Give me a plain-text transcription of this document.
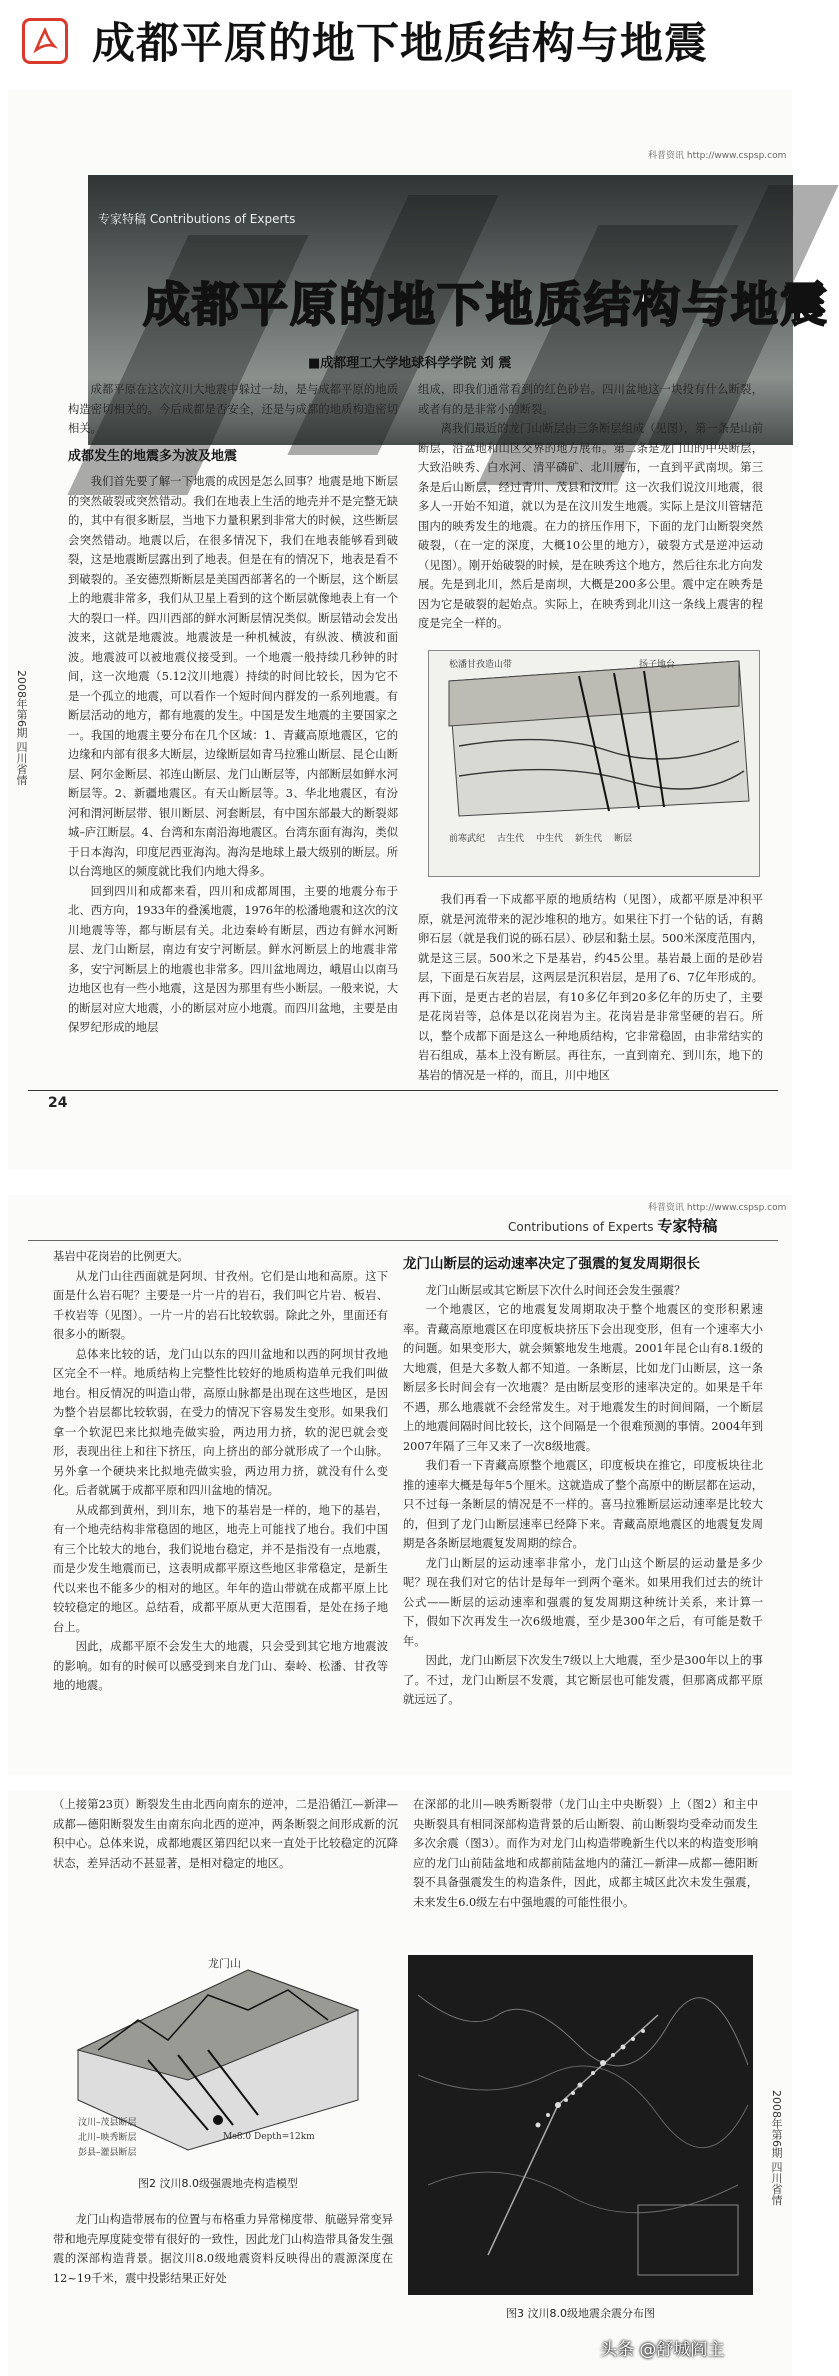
成都平原的地下地质结构与地震
科普资讯 http://www.cspsp.com
专家特稿 Contributions of Experts
成都平原的地下地质结构与地震
■成都理工大学地球科学学院 刘 震
2008年第6期 四川省情

成都平原在这次汶川大地震中躲过一劫，是与成都平原的地质构造密切相关的。今后成都是否安全，还是与成都的地质构造密切相关。

成都发生的地震多为波及地震

我们首先要了解一下地震的成因是怎么回事？地震是地下断层的突然破裂或突然错动。我们在地表上生活的地壳并不是完整无缺的，其中有很多断层，当地下力量积累到非常大的时候，这些断层会突然错动。地震以后，在很多情况下，我们在地表能够看到破裂，这是地震断层露出到了地表。但是在有的情况下，地表是看不到破裂的。圣安德烈斯断层是美国西部著名的一个断层，这个断层上的地震非常多，我们从卫星上看到的这个断层就像地表上有一个大的裂口一样。四川西部的鲜水河断层情况类似。断层错动会发出波来，这就是地震波。地震波是一种机械波，有纵波、横波和面波。地震波可以被地震仪接受到。一个地震一般持续几秒钟的时间，这一次地震（5.12汶川地震）持续的时间比较长，因为它不是一个孤立的地震，可以看作一个短时间内群发的一系列地震。有断层活动的地方，都有地震的发生。中国是发生地震的主要国家之一。我国的地震主要分布在几个区域：1、青藏高原地震区，它的边缘和内部有很多大断层，边缘断层如青马拉雅山断层、昆仑山断层、阿尔金断层、祁连山断层、龙门山断层等，内部断层如鲜水河断层等。2、新疆地震区。有天山断层等。3、华北地震区，有汾河和渭河断层带、银川断层、河套断层，有中国东部最大的断裂郯城–庐江断层。4、台湾和东南沿海地震区。台湾东面有海沟，类似于日本海沟，印度尼西亚海沟。海沟是地球上最大级别的断层。所以台湾地区的频度就比我们内地大得多。

回到四川和成都来看，四川和成都周围，主要的地震分布于北、西方向，1933年的叠溪地震，1976年的松潘地震和这次的汶川地震等等，都与断层有关。北边秦岭有断层，西边有鲜水河断层、龙门山断层，南边有安宁河断层。鲜水河断层上的地震非常多，安宁河断层上的地震也非常多。四川盆地周边，峨眉山以南马边地区也有一些小地震，这是因为那里有些小断层。一般来说，大的断层对应大地震，小的断层对应小地震。而四川盆地，主要是由保罗纪形成的地层

组成，即我们通常看到的红色砂岩。四川盆地这一块投有什么断裂，或者有的是非常小的断裂。

离我们最近的龙门山断层由三条断层组成（见图），第一条是山前断层，沿盆地和山区交界的地方展布。第二条是龙门山的中央断层，大致沿映秀、白水河、清平磷矿、北川展布，一直到平武南坝。第三条是后山断层，经过青川、茂县和汶川。这一次我们说汶川地震，很多人一开始不知道，就以为是在汶川发生地震。实际上是汶川管辖范围内的映秀发生的地震。在力的挤压作用下，下面的龙门山断裂突然破裂，（在一定的深度，大概10公里的地方），破裂方式是逆冲运动（见图）。刚开始破裂的时候，是在映秀这个地方，然后往东北方向发展。先是到北川，然后是南坝，大概是200多公里。震中定在映秀是因为它是破裂的起始点。实际上，在映秀到北川这一条线上震害的程度是完全一样的。

松潘甘孜造山带	扬子地台
前寒武纪 古生代 中生代 新生代 断层

我们再看一下成都平原的地质结构（见图），成都平原是冲积平原，就是河流带来的泥沙堆积的地方。如果往下打一个钻的话，有鹅卵石层（就是我们说的砾石层）、砂层和黏土层。500米深度范围内，就是这三层。500米之下是基岩，约45公里。基岩最上面的是砂岩层，下面是石灰岩层，这两层是沉积岩层，是用了6、7亿年形成的。再下面，是更古老的岩层，有10多亿年到20多亿年的历史了，主要是花岗岩等，总体是以花岗岩为主。花岗岩是非常坚硬的岩石。所以，整个成都下面是这么一种地质结构，它非常稳固，由非常结实的岩石组成，基本上没有断层。再往东，一直到南充、到川东，地下的基岩的情况是一样的，而且，川中地区

24
科普资讯 http://www.cspsp.com
Contributions of Experts 专家特稿

基岩中花岗岩的比例更大。

从龙门山往西面就是阿坝、甘孜州。它们是山地和高原。这下面是什么岩石呢？主要是一片一片的岩石，我们叫它片岩、板岩、千枚岩等（见图）。一片一片的岩石比较软弱。除此之外，里面还有很多小的断裂。

总体来比较的话，龙门山以东的四川盆地和以西的阿坝甘孜地区完全不一样。地质结构上完整性比较好的地质构造单元我们叫做地台。相反情况的叫造山带，高原山脉都是出现在这些地区，是因为整个岩层都比较软弱，在受力的情况下容易发生变形。如果我们拿一个软泥巴来比拟地壳做实验，两边用力挤，软的泥巴就会变形，表现出往上和往下挤压，向上挤出的部分就形成了一个山脉。另外拿一个硬块来比拟地壳做实验，两边用力挤，就没有什么变化。后者就属于成都平原和四川盆地的情况。

从成都到黄州，到川东，地下的基岩是一样的，地下的基岩，有一个地壳结构非常稳固的地区，地壳上可能找了地台。我们中国有三个比较大的地台，我们说地台稳定，并不是指没有一点地震，而是少发生地震而已，这表明成都平原这些地区非常稳定，是新生代以来也不能多少的相对的地区。年年的造山带就在成都平原上比较较稳定的地区。总结看，成都平原从更大范围看，是处在扬子地台上。

因此，成都平原不会发生大的地震，只会受到其它地方地震波的影响。如有的时候可以感受到来自龙门山、秦岭、松潘、甘孜等地的地震。

龙门山断层的运动速率决定了强震的复发周期很长

龙门山断层或其它断层下次什么时间还会发生强震？

一个地震区，它的地震复发周期取决于整个地震区的变形积累速率。青藏高原地震区在印度板块挤压下会出现变形，但有一个速率大小的问题。如果变形大，就会频繁地发生地震。2001年昆仑山有8.1级的大地震，但是大多数人都不知道。一条断层，比如龙门山断层，这一条断层多长时间会有一次地震？是由断层变形的速率决定的。如果是千年不遇，那么地震就不会经常发生。对于地震发生的时间间隔，一个断层上的地震间隔时间比较长，这个间隔是一个很难预测的事情。2004年到2007年隔了三年又来了一次8级地震。

我们看一下青藏高原整个地震区，印度板块在推它，印度板块往北推的速率大概是每年5个厘米。这就造成了整个高原中的断层都在运动，只不过每一条断层的情况是不一样的。喜马拉雅断层运动速率是比较大的，但到了龙门山断层速率已经降下来。青藏高原地震区的地震复发周期是各条断层地震复发周期的综合。

龙门山断层的运动速率非常小，龙门山这个断层的运动量是多少呢？现在我们对它的估计是每年一到两个毫米。如果用我们过去的统计公式——断层的运动速率和强震的复发周期这种统计关系，来计算一下，假如下次再发生一次6级地震，至少是300年之后，有可能是数千年。

因此，龙门山断层下次发生7级以上大地震，至少是300年以上的事了。不过，龙门山断层不发震，其它断层也可能发震，但那离成都平原就远远了。

（上接第23页）断裂发生由北西向南东的逆冲，二是沿循江—新津—成都—德阳断裂发生由南东向北西的逆冲，两条断裂之间形成新的沉积中心。总体来说，成都地震区第四纪以来一直处于比较稳定的沉降状态，差异活动不甚显著，是相对稳定的地区。

在深部的北川—映秀断裂带（龙门山主中央断裂）上（图2）和主中央断裂具有相同深部构造背景的后山断裂、前山断裂均受牵动而发生多次余震（图3）。而作为对龙门山构造带晚新生代以来的构造变形响应的龙门山前陆盆地和成都前陆盆地内的蒲江—新津—成都—德阳断裂不具备强震发生的构造条件，因此，成都主城区此次未发生强震，未来发生6.0级左右中强地震的可能性很小。

龙门山
Ms8.0 Depth=12km
汶川–茂县断层
北川–映秀断层
彭县–灌县断层
图2 汶川8.0级强震地壳构造模型

龙门山构造带展布的位置与布格重力异常梯度带、航磁异常变异带和地壳厚度陡变带有很好的一致性，因此龙门山构造带具备发生强震的深部构造背景。据汶川8.0级地震资料反映得出的震源深度在12~19千米，震中投影结果正好处

图3 汶川8.0级地震余震分布图
2008年第6期 四川省情
头条 @舒城阎主
